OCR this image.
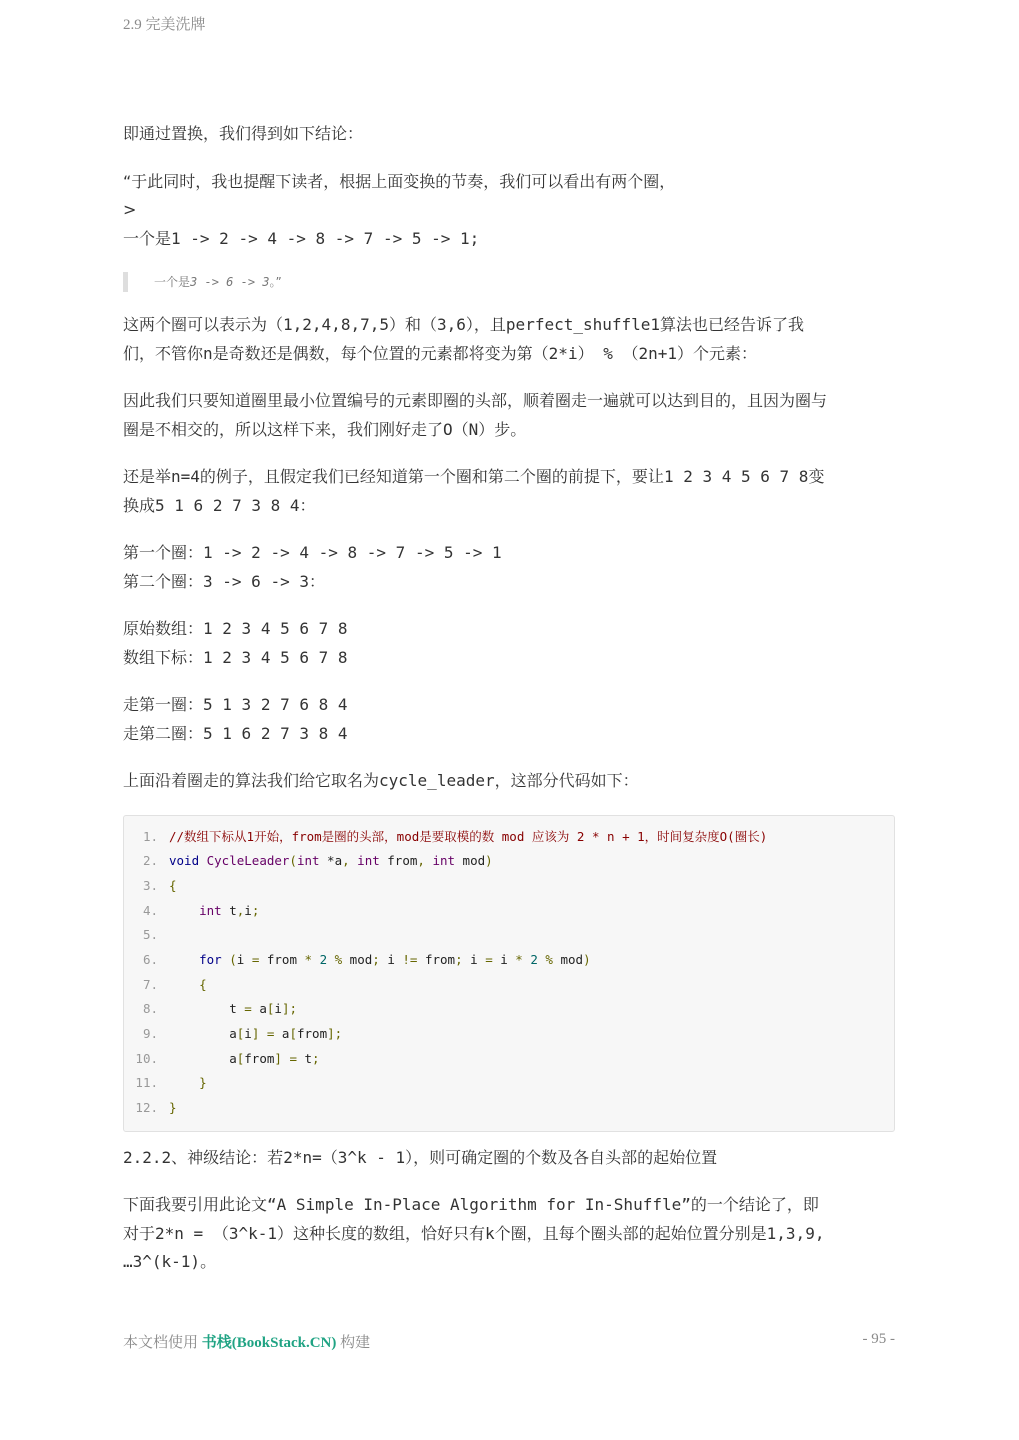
2.9 完美洗牌

即通过置换，我们得到如下结论：

“于此同时，我也提醒下读者，根据上面变换的节奏，我们可以看出有两个圈，
>
一个是1 -> 2 -> 4 -> 8 -> 7 -> 5 -> 1;

一个是3 -> 6 -> 3。”

这两个圈可以表示为（1,2,4,8,7,5）和（3,6），且perfect_shuffle1算法也已经告诉了我
们，不管你n是奇数还是偶数，每个位置的元素都将变为第（2*i） % （2n+1）个元素：

因此我们只要知道圈里最小位置编号的元素即圈的头部，顺着圈走一遍就可以达到目的，且因为圈与
圈是不相交的，所以这样下来，我们刚好走了O（N）步。

还是举n=4的例子，且假定我们已经知道第一个圈和第二个圈的前提下，要让1 2 3 4 5 6 7 8变
换成5 1 6 2 7 3 8 4：

第一个圈：1 -> 2 -> 4 -> 8 -> 7 -> 5 -> 1
第二个圈：3 -> 6 -> 3：

原始数组：1 2 3 4 5 6 7 8
数组下标：1 2 3 4 5 6 7 8

走第一圈：5 1 3 2 7 6 8 4
走第二圈：5 1 6 2 7 3 8 4

上面沿着圈走的算法我们给它取名为cycle_leader，这部分代码如下：

1. //数组下标从1开始，from是圈的头部，mod是要取模的数 mod 应该为 2 * n + 1，时间复杂度O(圈长)
2. void CycleLeader(int *a, int from, int mod)
3. {
4.	int t,i;
5.
6.	for (i = from * 2 % mod; i != from; i = i * 2 % mod)
7.	{
8.	t = a[i];
9.	a[i] = a[from];
10.	a[from] = t;
11.	}
12. }

2.2.2、神级结论：若2*n=（3^k - 1），则可确定圈的个数及各自头部的起始位置

下面我要引用此论文“A Simple In-Place Algorithm for In-Shuffle”的一个结论了，即
对于2*n = （3^k-1）这种长度的数组，恰好只有k个圈，且每个圈头部的起始位置分别是1,3,9,
…3^(k-1)。

本文档使用 书栈(BookStack.CN) 构建	- 95 -
